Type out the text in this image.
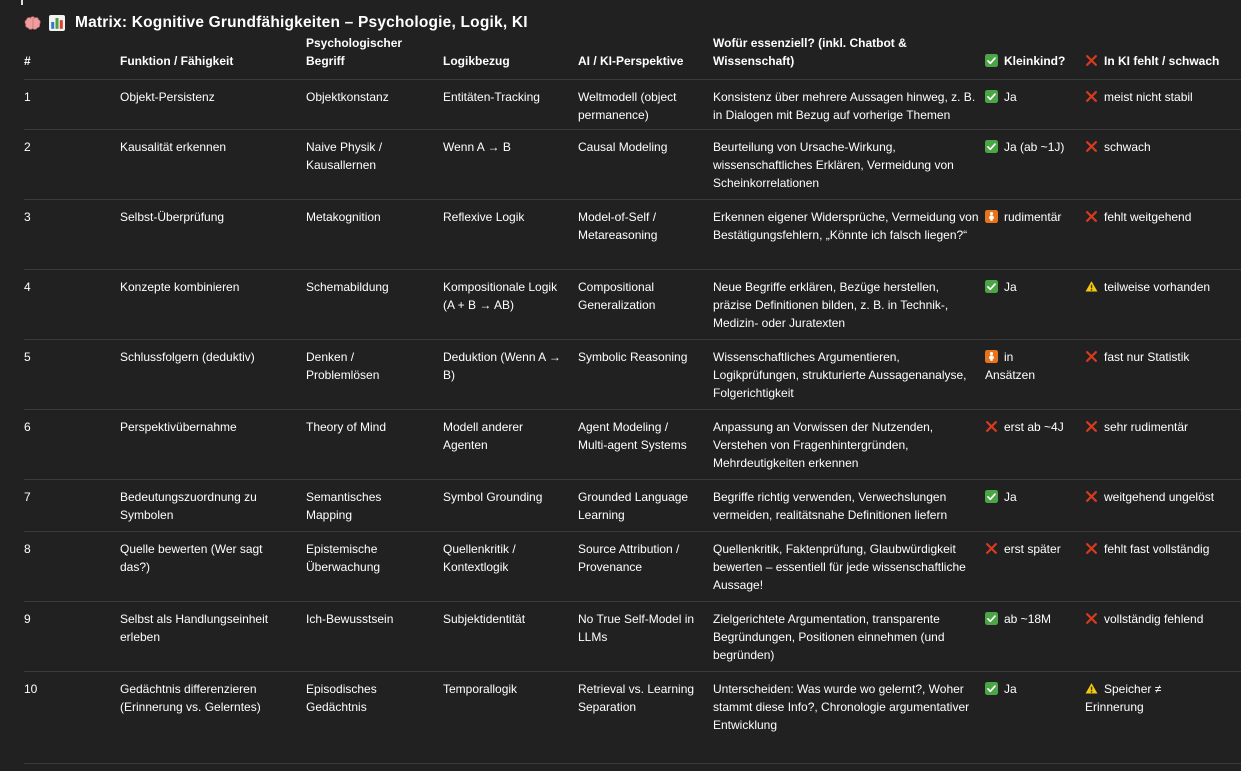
Matrix: Kognitive Grundfähigkeiten – Psychologie, Logik, KI
#	Funktion / Fähigkeit	Psychologischer Begriff	Logikbezug	AI / KI-Perspektive	Wofür essenziell? (inkl. Chatbot & Wissenschaft)	Kleinkind?	In KI fehlt / schwach
1	Objekt-Persistenz	Objektkonstanz	Entitäten-Tracking	Weltmodell (object permanence)	Konsistenz über mehrere Aussagen hinweg, z. B. in Dialogen mit Bezug auf vorherige Themen	Ja	meist nicht stabil
2	Kausalität erkennen	Naive Physik / Kausallernen	Wenn A → B	Causal Modeling	Beurteilung von Ursache-Wirkung, wissenschaftliches Erklären, Vermeidung von Scheinkorrelationen	Ja (ab ~1J)	schwach
3	Selbst-Überprüfung	Metakognition	Reflexive Logik	Model-of-Self / Metareasoning	Erkennen eigener Widersprüche, Vermeidung von Bestätigungsfehlern, „Könnte ich falsch liegen?“	rudimentär	fehlt weitgehend
4	Konzepte kombinieren	Schemabildung	Kompositionale Logik (A + B → AB)	Compositional Generalization	Neue Begriffe erklären, Bezüge herstellen, präzise Definitionen bilden, z. B. in Technik-, Medizin- oder Juratexten	Ja	teilweise vorhanden
5	Schlussfolgern (deduktiv)	Denken / Problemlösen	Deduktion (Wenn A → B)	Symbolic Reasoning	Wissenschaftliches Argumentieren, Logikprüfungen, strukturierte Aussagenanalyse, Folgerichtigkeit	in Ansätzen	fast nur Statistik
6	Perspektivübernahme	Theory of Mind	Modell anderer Agenten	Agent Modeling / Multi-agent Systems	Anpassung an Vorwissen der Nutzenden, Verstehen von Fragenhintergründen, Mehrdeutigkeiten erkennen	erst ab ~4J	sehr rudimentär
7	Bedeutungszuordnung zu Symbolen	Semantisches Mapping	Symbol Grounding	Grounded Language Learning	Begriffe richtig verwenden, Verwechslungen vermeiden, realitätsnahe Definitionen liefern	Ja	weitgehend ungelöst
8	Quelle bewerten (Wer sagt das?)	Epistemische Überwachung	Quellenkritik / Kontextlogik	Source Attribution / Provenance	Quellenkritik, Faktenprüfung, Glaubwürdigkeit bewerten – essentiell für jede wissenschaftliche Aussage!	erst später	fehlt fast vollständig
9	Selbst als Handlungseinheit erleben	Ich-Bewusstsein	Subjektidentität	No True Self-Model in LLMs	Zielgerichtete Argumentation, transparente Begründungen, Positionen einnehmen (und begründen)	ab ~18M	vollständig fehlend
10	Gedächtnis differenzieren (Erinnerung vs. Gelerntes)	Episodisches Gedächtnis	Temporallogik	Retrieval vs. Learning Separation	Unterscheiden: Was wurde wo gelernt?, Woher stammt diese Info?, Chronologie argumentativer Entwicklung	Ja	Speicher ≠ Erinnerung
